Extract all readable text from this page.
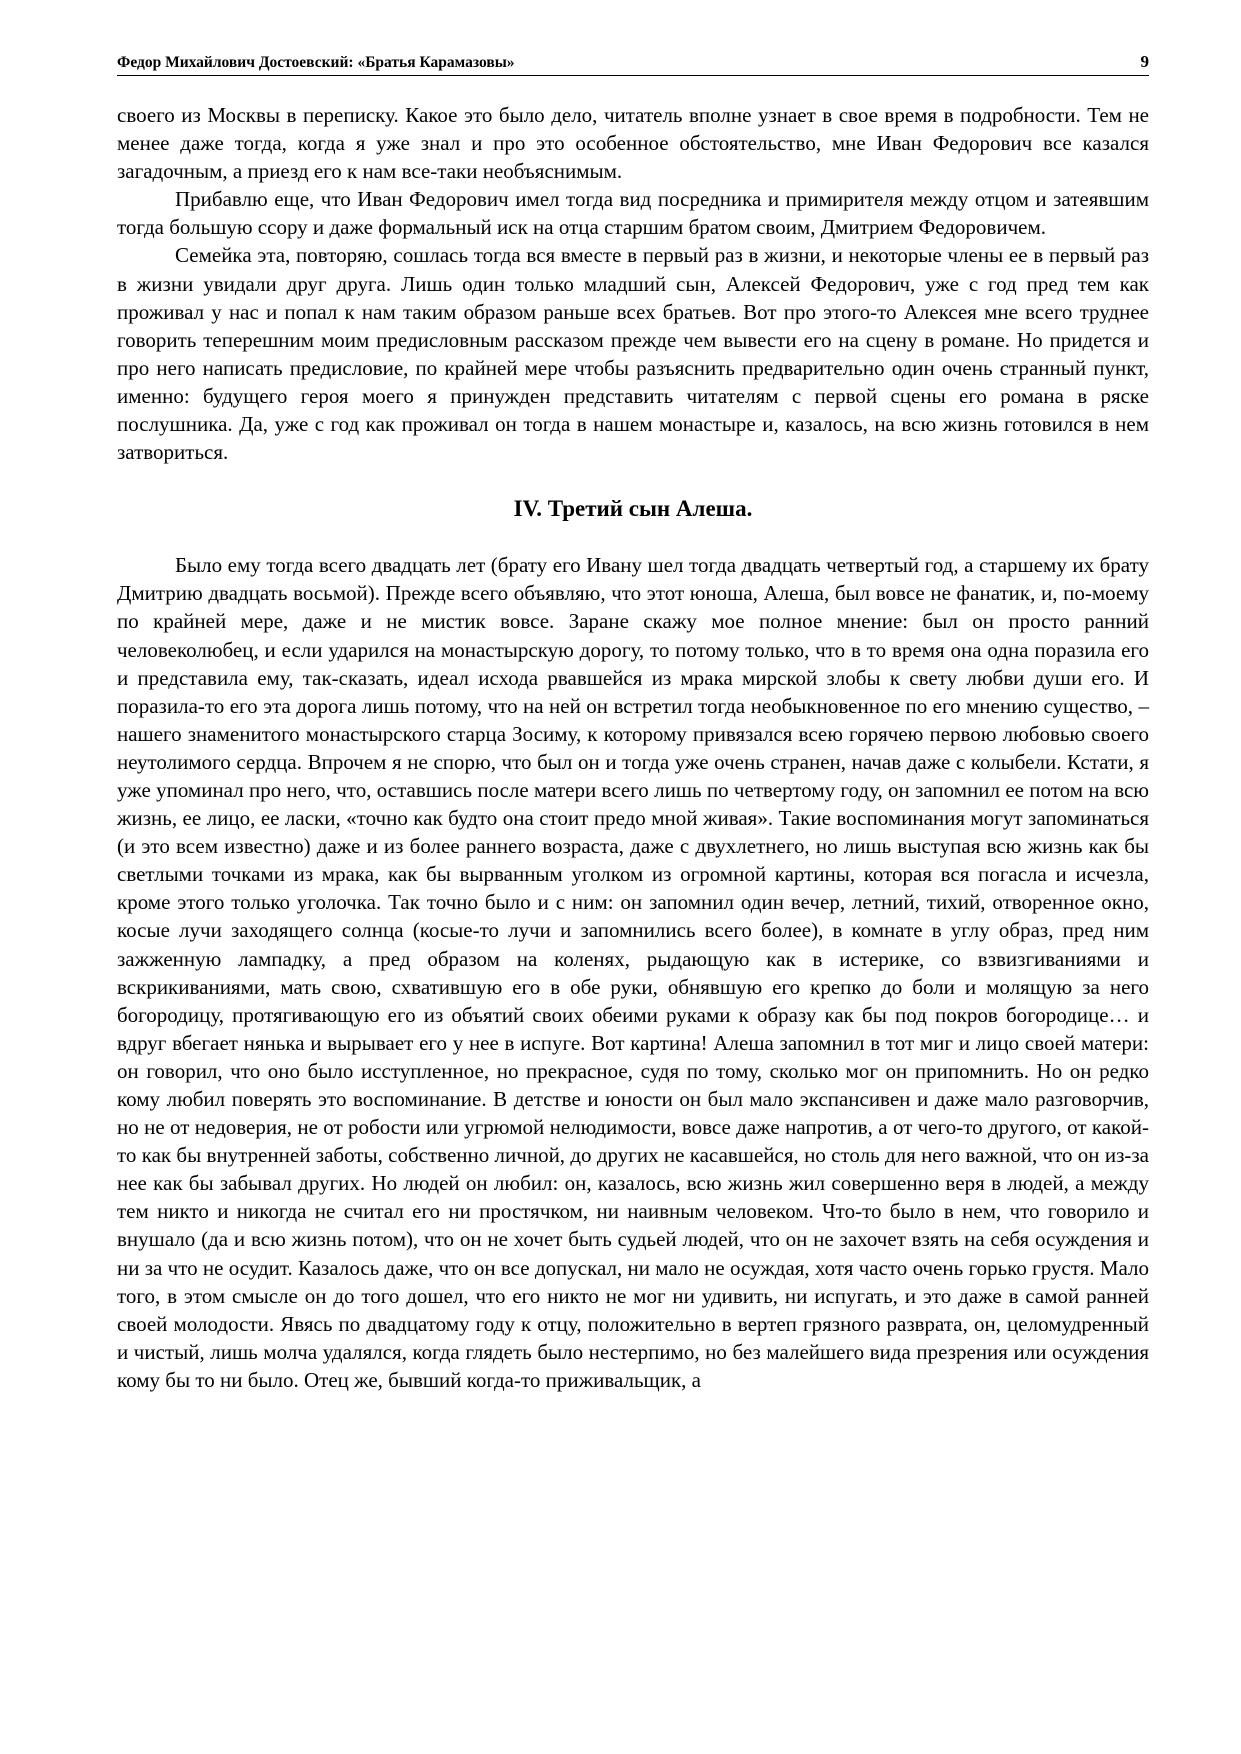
Федор Михайлович Достоевский: «Братья Карамазовы»	9

своего из Москвы в переписку. Какое это было дело, читатель вполне узнает в свое время в подробности. Тем не менее даже тогда, когда я уже знал и про это особенное обстоятельство, мне Иван Федорович все казался загадочным, а приезд его к нам все-таки необъяснимым.

Прибавлю еще, что Иван Федорович имел тогда вид посредника и примирителя между отцом и затеявшим тогда большую ссору и даже формальный иск на отца старшим братом своим, Дмитрием Федоровичем.

Семейка эта, повторяю, сошлась тогда вся вместе в первый раз в жизни, и некоторые члены ее в первый раз в жизни увидали друг друга. Лишь один только младший сын, Алексей Федорович, уже с год пред тем как проживал у нас и попал к нам таким образом раньше всех братьев. Вот про этого-то Алексея мне всего труднее говорить теперешним моим предисловным рассказом прежде чем вывести его на сцену в романе. Но придется и про него написать предисловие, по крайней мере чтобы разъяснить предварительно один очень странный пункт, именно: будущего героя моего я принужден представить читателям с первой сцены его романа в ряске послушника. Да, уже с год как проживал он тогда в нашем монастыре и, казалось, на всю жизнь готовился в нем затвориться.

IV. Третий сын Алеша.

Было ему тогда всего двадцать лет (брату его Ивану шел тогда двадцать четвертый год, а старшему их брату Дмитрию двадцать восьмой). Прежде всего объявляю, что этот юноша, Алеша, был вовсе не фанатик, и, по-моему по крайней мере, даже и не мистик вовсе. Заране скажу мое полное мнение: был он просто ранний человеколюбец, и если ударился на монастырскую дорогу, то потому только, что в то время она одна поразила его и представила ему, так-сказать, идеал исхода рвавшейся из мрака мирской злобы к свету любви души его. И поразила-то его эта дорога лишь потому, что на ней он встретил тогда необыкновенное по его мнению существо, – нашего знаменитого монастырского старца Зосиму, к которому привязался всею горячею первою любовью своего неутолимого сердца. Впрочем я не спорю, что был он и тогда уже очень странен, начав даже с колыбели. Кстати, я уже упоминал про него, что, оставшись после матери всего лишь по четвертому году, он запомнил ее потом на всю жизнь, ее лицо, ее ласки, «точно как будто она стоит предо мной живая». Такие воспоминания могут запоминаться (и это всем известно) даже и из более раннего возраста, даже с двухлетнего, но лишь выступая всю жизнь как бы светлыми точками из мрака, как бы вырванным уголком из огромной картины, которая вся погасла и исчезла, кроме этого только уголочка. Так точно было и с ним: он запомнил один вечер, летний, тихий, отворенное окно, косые лучи заходящего солнца (косые-то лучи и запомнились всего более), в комнате в углу образ, пред ним зажженную лампадку, а пред образом на коленях, рыдающую как в истерике, со взвизгиваниями и вскрикиваниями, мать свою, схватившую его в обе руки, обнявшую его крепко до боли и молящую за него богородицу, протягивающую его из объятий своих обеими руками к образу как бы под покров богородице… и вдруг вбегает нянька и вырывает его у нее в испуге. Вот картина! Алеша запомнил в тот миг и лицо своей матери: он говорил, что оно было исступленное, но прекрасное, судя по тому, сколько мог он припомнить. Но он редко кому любил поверять это воспоминание. В детстве и юности он был мало экспансивен и даже мало разговорчив, но не от недоверия, не от робости или угрюмой нелюдимости, вовсе даже напротив, а от чего-то другого, от какой-то как бы внутренней заботы, собственно личной, до других не касавшейся, но столь для него важной, что он из-за нее как бы забывал других. Но людей он любил: он, казалось, всю жизнь жил совершенно веря в людей, а между тем никто и никогда не считал его ни простячком, ни наивным человеком. Что-то было в нем, что говорило и внушало (да и всю жизнь потом), что он не хочет быть судьей людей, что он не захочет взять на себя осуждения и ни за что не осудит. Казалось даже, что он все допускал, ни мало не осуждая, хотя часто очень горько грустя. Мало того, в этом смысле он до того дошел, что его никто не мог ни удивить, ни испугать, и это даже в самой ранней своей молодости. Явясь по двадцатому году к отцу, положительно в вертеп грязного разврата, он, целомудренный и чистый, лишь молча удалялся, когда глядеть было нестерпимо, но без малейшего вида презрения или осуждения кому бы то ни было. Отец же, бывший когда-то приживальщик, а
